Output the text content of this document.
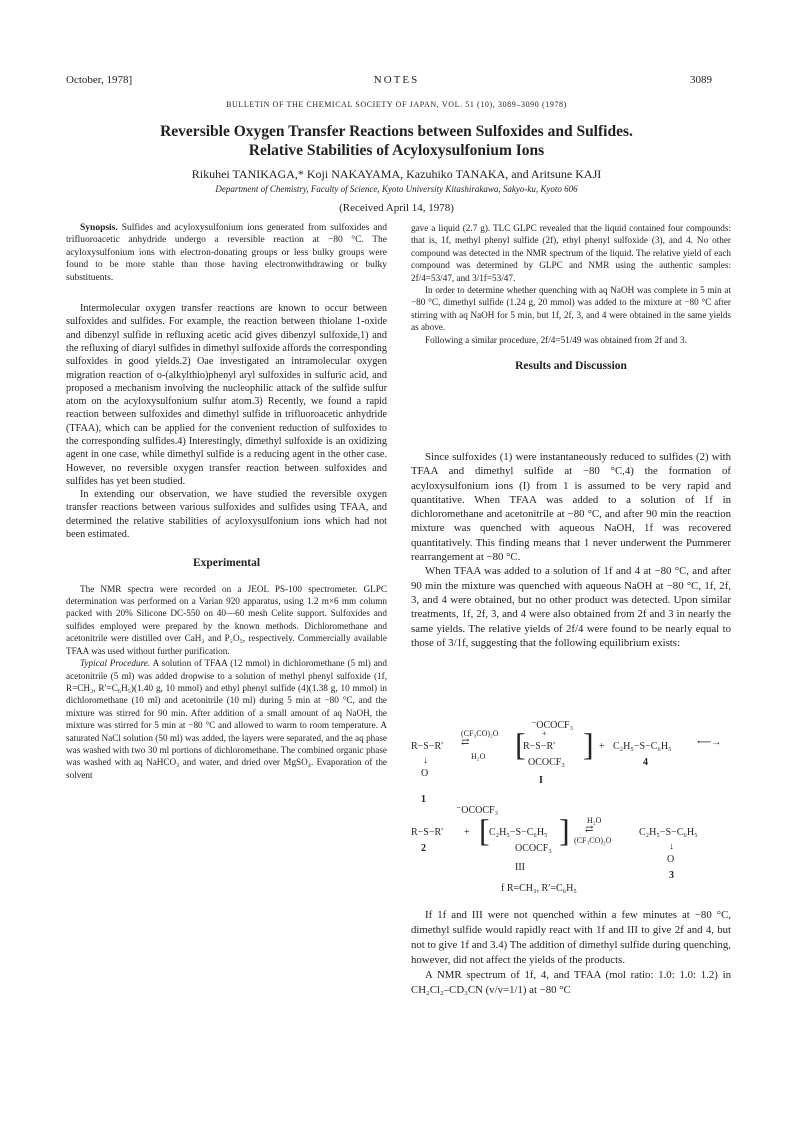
October, 1978]	NOTES	3089
BULLETIN OF THE CHEMICAL SOCIETY OF JAPAN, VOL. 51 (10), 3089–3090 (1978)
Reversible Oxygen Transfer Reactions between Sulfoxides and Sulfides.
Relative Stabilities of Acyloxysulfonium Ions
Rikuhei TANIKAGA,* Koji NAKAYAMA, Kazuhiko TANAKA, and Aritsune KAJI
Department of Chemistry, Faculty of Science, Kyoto University Kitashirakawa, Sakyo-ku, Kyoto 606
(Received April 14, 1978)

Synopsis. Sulfides and acyloxysulfonium ions generated from sulfoxides and trifluoroacetic anhydride undergo a reversible reaction at −80 °C. The acyloxysulfonium ions with electron-donating groups or less bulky groups were found to be more stable than those having electronwithdrawing or bulky substituents.

Intermolecular oxygen transfer reactions are known to occur between sulfoxides and sulfides. For example, the reaction between thiolane 1-oxide and dibenzyl sulfide in refluxing acetic acid gives dibenzyl sulfoxide,1) and the refluxing of diaryl sulfides in dimethyl sulfoxide affords the corresponding sulfoxides in good yields.2) Oae investigated an intramolecular oxygen migration reaction of o-(alkylthio)phenyl aryl sulfoxides in sulfuric acid, and proposed a mechanism involving the nucleophilic attack of the sulfide sulfur atom on the acyloxysulfonium sulfur atom.3) Recently, we found a rapid reaction between sulfoxides and dimethyl sulfide in trifluoroacetic anhydride (TFAA), which can be applied for the convenient reduction of sulfoxides to the corresponding sulfides.4) Interestingly, dimethyl sulfoxide is an oxidizing agent in one case, while dimethyl sulfide is a reducing agent in the other case. However, no reversible oxygen transfer reaction between sulfoxides and sulfides has yet been studied.

In extending our observation, we have studied the reversible oxygen transfer reactions between various sulfoxides and sulfides using TFAA, and determined the relative stabilities of acyloxysulfonium ions which had not been estimated.

Experimental

The NMR spectra were recorded on a JEOL PS-100 spectrometer. GLPC determination was performed on a Varian 920 apparatus, using 1.2 m×6 mm column packed with 20% Silicone DC-550 on 40—60 mesh Celite support. Sulfoxides and sulfides employed were prepared by the known methods. Dichloromethane and acetonitrile were distilled over CaH₂ and P₂O₅, respectively. Commercially available TFAA was used without further purification.

Typical Procedure. A solution of TFAA (12 mmol) in dichloromethane (5 ml) and acetonitrile (5 ml) was added dropwise to a solution of methyl phenyl sulfoxide (1f, R=CH₃, R′=C₆H₅)(1.40 g, 10 mmol) and ethyl phenyl sulfide (4)(1.38 g, 10 mmol) in dichloromethane (10 ml) and acetonitrile (10 ml) during 5 min at −80 °C, and the mixture was stirred for 90 min. After addition of a small amount of aq NaOH, the mixture was stirred for 5 min at −80 °C and allowed to warm to room temperature. A saturated NaCl solution (50 ml) was added, the layers were separated, and the aq phase was washed with two 30 ml portions of dichloromethane. The combined organic phase was washed with aq NaHCO₃ and water, and dried over MgSO₄. Evaporation of the solvent

gave a liquid (2.7 g). TLC GLPC revealed that the liquid contained four compounds: that is, 1f, methyl phenyl sulfide (2f), ethyl phenyl sulfoxide (3), and 4. No other compound was detected in the NMR spectrum of the liquid. The relative yield of each compound was determined by GLPC and NMR using the authentic samples: 2f/4=53/47, and 3/1f=53/47.

In order to determine whether quenching with aq NaOH was complete in 5 min at −80 °C, dimethyl sulfide (1.24 g, 20 mmol) was added to the mixture at −80 °C after stirring with aq NaOH for 5 min, but 1f, 2f, 3, and 4 were obtained in the same yields as above.

Following a similar procedure, 2f/4=51/49 was obtained from 2f and 3.

Results and Discussion

Since sulfoxides (1) were instantaneously reduced to sulfides (2) with TFAA and dimethyl sulfide at −80 °C,4) the formation of acyloxysulfonium ions (I) from 1 is assumed to be very rapid and quantitative. When TFAA was added to a solution of 1f in dichloromethane and acetonitrile at −80 °C, and after 90 min the reaction mixture was quenched with aqueous NaOH, 1f was recovered quantitatively. This finding means that 1 never underwent the Pummerer rearrangement at −80 °C.

When TFAA was added to a solution of 1f and 4 at −80 °C, and after 90 min the mixture was quenched with aqueous NaOH at −80 °C, 1f, 2f, 3, and 4 were obtained, but no other product was detected. Upon similar treatments, 1f, 2f, 3, and 4 were also obtained from 2f and 3 in nearly the same yields. The relative yields of 2f/4 were found to be nearly equal to those of 3/1f, suggesting that the following equilibrium exists:

⁻OCOCF₃
R−S−R′
(CF₃CO)₂O
⇄
H₂O
↓
O
1
[ +
R−S−R′
OCOCF₃
]
I
+ C₂H₅−S−C₆H₅
4
⟵→
⁻OCOCF₃
R−S−R′
2
+ [ C₂H₅−S−C₆H₅
OCOCF₃
]
III
H₂O
⇄
(CF₃CO)₂O
C₂H₅−S−C₆H₅
↓
O
3
f R=CH₃, R′=C₆H₅

If 1f and III were not quenched within a few minutes at −80 °C, dimethyl sulfide would rapidly react with 1f and III to give 2f and 4, but not to give 1f and 3.4) The addition of dimethyl sulfide during quenching, however, did not affect the yields of the products.

A NMR spectrum of 1f, 4, and TFAA (mol ratio: 1.0: 1.0: 1.2) in CH₂Cl₂–CD₃CN (v/v=1/1) at −80 °C
